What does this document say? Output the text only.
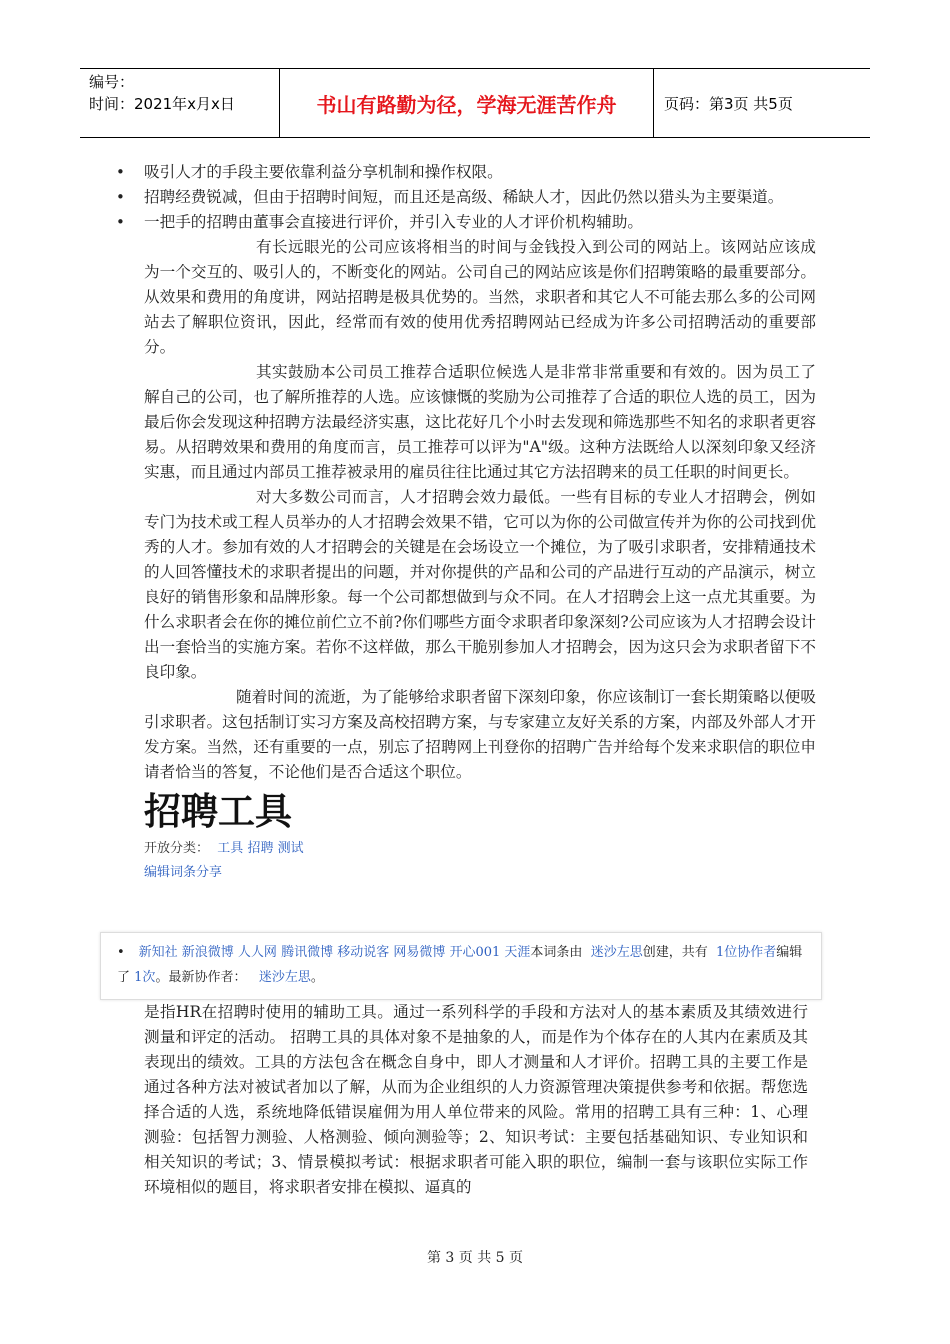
编号：
时间：2021年x月x日	书山有路勤为径，学海无涯苦作舟	页码：第3页 共5页
• 吸引人才的手段主要依靠利益分享机制和操作权限。
• 招聘经费锐减，但由于招聘时间短，而且还是高级、稀缺人才，因此仍然以猎头为主要渠道。
• 一把手的招聘由董事会直接进行评价，并引入专业的人才评价机构辅助。

有长远眼光的公司应该将相当的时间与金钱投入到公司的网站上。该网站应该成为一个交互的、吸引人的，不断变化的网站。公司自己的网站应该是你们招聘策略的最重要部分。从效果和费用的角度讲，网站招聘是极具优势的。当然，求职者和其它人不可能去那么多的公司网站去了解职位资讯，因此，经常而有效的使用优秀招聘网站已经成为许多公司招聘活动的重要部分。

其实鼓励本公司员工推荐合适职位候选人是非常非常重要和有效的。因为员工了解自己的公司，也了解所推荐的人选。应该慷慨的奖励为公司推荐了合适的职位人选的员工，因为最后你会发现这种招聘方法最经济实惠，这比花好几个小时去发现和筛选那些不知名的求职者更容易。从招聘效果和费用的角度而言，员工推荐可以评为"A"级。这种方法既给人以深刻印象又经济实惠，而且通过内部员工推荐被录用的雇员往往比通过其它方法招聘来的员工任职的时间更长。

对大多数公司而言，人才招聘会效力最低。一些有目标的专业人才招聘会，例如专门为技术或工程人员举办的人才招聘会效果不错，它可以为你的公司做宣传并为你的公司找到优秀的人才。参加有效的人才招聘会的关键是在会场设立一个摊位，为了吸引求职者，安排精通技术的人回答懂技术的求职者提出的问题，并对你提供的产品和公司的产品进行互动的产品演示，树立良好的销售形象和品牌形象。每一个公司都想做到与众不同。在人才招聘会上这一点尤其重要。为什么求职者会在你的摊位前伫立不前?你们哪些方面令求职者印象深刻?公司应该为人才招聘会设计出一套恰当的实施方案。若你不这样做，那么干脆别参加人才招聘会，因为这只会为求职者留下不良印象。

随着时间的流逝，为了能够给求职者留下深刻印象，你应该制订一套长期策略以便吸引求职者。这包括制订实习方案及高校招聘方案，与专家建立友好关系的方案，内部及外部人才开发方案。当然，还有重要的一点，别忘了招聘网上刊登你的招聘广告并给每个发来求职信的职位申请者恰当的答复，不论他们是否合适这个职位。

招聘工具
开放分类： 工具 招聘 测试
编辑词条分享
• 新知社 新浪微博 人人网 腾讯微博 移动说客 网易微博 开心001 天涯本词条由 迷沙左思创建，共有 1位协作者编辑了 1次。最新协作者： 迷沙左思。
是指HR在招聘时使用的辅助工具。通过一系列科学的手段和方法对人的基本素质及其绩效进行测量和评定的活动。 招聘工具的具体对象不是抽象的人，而是作为个体存在的人其内在素质及其表现出的绩效。工具的方法包含在概念自身中，即人才测量和人才评价。招聘工具的主要工作是通过各种方法对被试者加以了解，从而为企业组织的人力资源管理决策提供参考和依据。帮您选择合适的人选，系统地降低错误雇佣为用人单位带来的风险。常用的招聘工具有三种：1、心理测验：包括智力测验、人格测验、倾向测验等；2、知识考试：主要包括基础知识、专业知识和相关知识的考试；3、情景模拟考试：根据求职者可能入职的职位，编制一套与该职位实际工作环境相似的题目，将求职者安排在模拟、逼真的
第 3 页 共 5 页
